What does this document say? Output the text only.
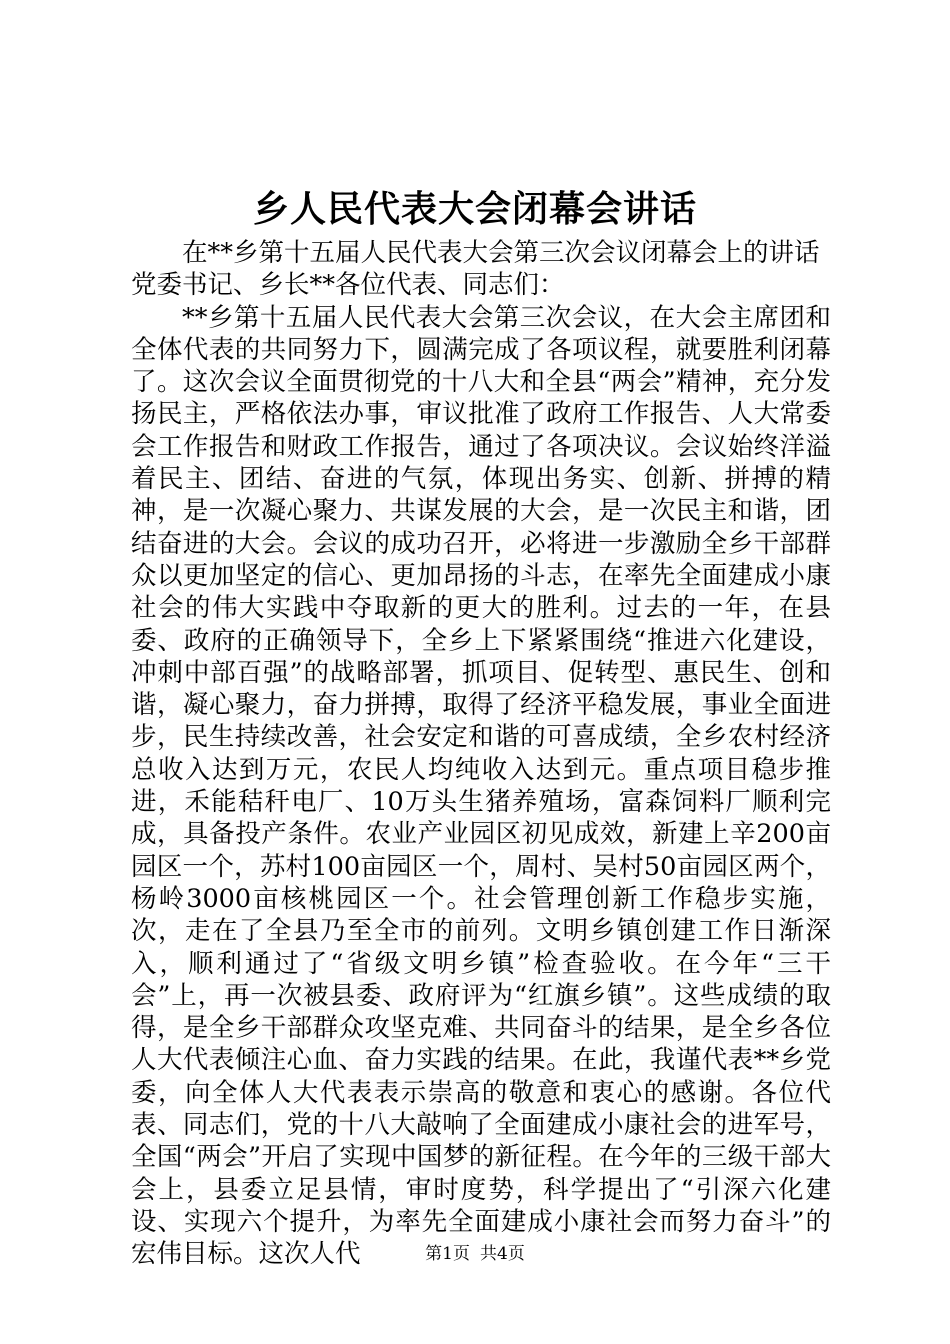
乡人民代表大会闭幕会讲话

在**乡第十五届人民代表大会第三次会议闭幕会上的讲话

党委书记、乡长**各位代表、同志们：

**乡第十五届人民代表大会第三次会议，在大会主席团和全体代表的共同努力下，圆满完成了各项议程，就要胜利闭幕了。这次会议全面贯彻党的十八大和全县“两会”精神，充分发扬民主，严格依法办事，审议批准了政府工作报告、人大常委会工作报告和财政工作报告，通过了各项决议。会议始终洋溢着民主、团结、奋进的气氛，体现出务实、创新、拼搏的精神，是一次凝心聚力、共谋发展的大会，是一次民主和谐，团结奋进的大会。会议的成功召开，必将进一步激励全乡干部群众以更加坚定的信心、更加昂扬的斗志，在率先全面建成小康社会的伟大实践中夺取新的更大的胜利。过去的一年，在县委、政府的正确领导下，全乡上下紧紧围绕“推进六化建设，冲刺中部百强”的战略部署，抓项目、促转型、惠民生、创和谐，凝心聚力，奋力拼搏，取得了经济平稳发展，事业全面进步，民生持续改善，社会安定和谐的可喜成绩，全乡农村经济总收入达到万元，农民人均纯收入达到元。重点项目稳步推进，禾能秸秆电厂、10万头生猪养殖场，富森饲料厂顺利完成，具备投产条件。农业产业园区初见成效，新建上辛200亩园区一个，苏村100亩园区一个，周村、吴村50亩园区两个，杨岭3000亩核桃园区一个。社会管理创新工作稳步实施，次，走在了全县乃至全市的前列。文明乡镇创建工作日渐深入，顺利通过了“省级文明乡镇”检查验收。在今年“三干会”上，再一次被县委、政府评为“红旗乡镇”。这些成绩的取得，是全乡干部群众攻坚克难、共同奋斗的结果，是全乡各位人大代表倾注心血、奋力实践的结果。在此，我谨代表**乡党委，向全体人大代表表示崇高的敬意和衷心的感谢。各位代表、同志们，党的十八大敲响了全面建成小康社会的进军号，全国“两会”开启了实现中国梦的新征程。在今年的三级干部大会上，县委立足县情，审时度势，科学提出了“引深六化建设、实现六个提升，为率先全面建成小康社会而努力奋斗”的宏伟目标。这次人代	第1页 共4页
